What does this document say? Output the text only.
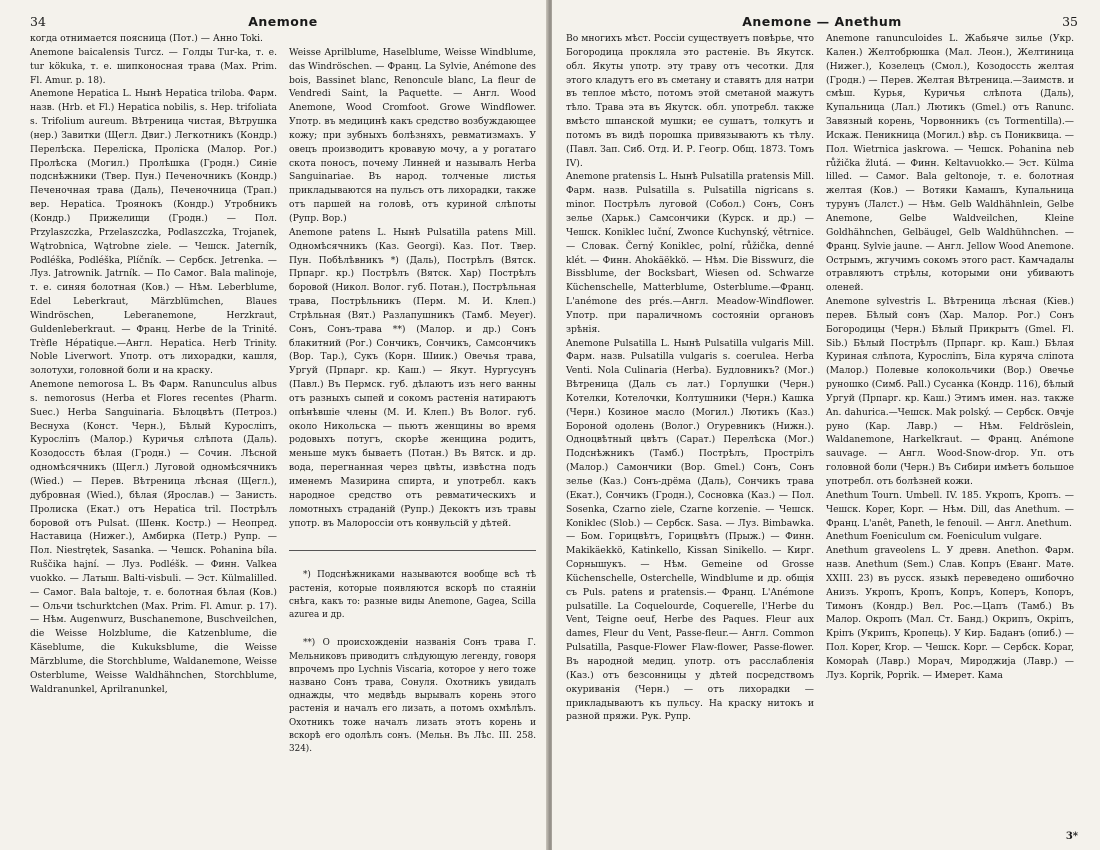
34	Anemone
когда отнимается поясница (Пот.) — Анно Toki.
Anemone baicalensis Turcz. — Голды Tur-ka, т. е. tur kökuka, т. е. шипконосная трава (Max. Prim. Fl. Amur. p. 18).
Anemone Hepatica L. Нынѣ Hepatica triloba. Фарм. назв. (Hrb. et Fl.) Hepatica nobilis, s. Hep. trifoliata s. Trifolium aureum. Вѣтреница чистая, Вѣтрушка (нер.) Завитки (Щегл. Двиг.) Легкотникъ (Кондр.) Перелѣска. Переліска, Проліска (Малор. Рог.) Пролѣска (Могил.) Пролѣшка (Гродн.) Синіе подснѣжники (Твер. Пун.) Печеночникъ (Кондр.) Печеночная трава (Даль), Печеночница (Трап.) вер. Hepatica. Троянокъ (Кондр.) Утробникъ (Кондр.) Прижелищи (Гродн.) — Пол. Przylaszczka, Przelaszczka, Podlaszczka, Trojanek, Wątrobnica, Wątrobne ziele. — Чешск. Jaterník, Podléška, Podléška, Plíčník. — Сербск. Jetrenka. — Луз. Jatrownik. Jatrník. — По Самог. Bala malinoje, т. е. синяя болотная (Ков.) — Нѣм. Leberblume, Edel Leberkraut, Märzblümchen, Blaues Windröschen, Leberanemone, Herzkraut, Guldenleberkraut. — Франц. Herbe de la Trinité. Trèfle Hépatique.—Англ. Hepatica. Herb Trinity. Noble Liverwort. Употр. отъ лихорадки, кашля, золотухи, головной боли и на краску.
Anemone nemorosa L. Въ Фарм. Ranunculus albus s. nemorosus (Herba et Flores recentes (Pharm. Suec.) Herba Sanguinaria. Бѣлоцвѣтъ (Петроз.) Веснуха (Конст. Черн.), Бѣлый Куросліпъ, Куросліпъ (Малор.) Куричья слѣпота (Даль). Козодоссть бѣлая (Гродн.) — Сочин. Лѣсной одномѣсячникъ (Щегл.) Луговой одномѣсячникъ (Wied.) — Перев. Вѣтреница лѣсная (Щегл.), дубровная (Wied.), бѣлая (Ярослав.) — Занисть. Пролиска (Екат.) отъ Hepatica tril. Пострѣлъ боровой отъ Pulsat. (Шенк. Костр.) — Неопред. Наставица (Нижег.), Амбирка (Петр.) Рупр. — Пол. Niestrętek, Sasanka. — Чешск. Pohanina bíla. Ruščika hajní. — Луз. Podléšk. — Финн. Valkea vuokko. — Латыш. Balti-visbuli. — Эст. Külmalilled. — Самог. Bala baltoje, т. е. болотная бѣлая (Ков.) — Ольчи tschurktchen (Max. Prim. Fl. Amur. p. 17). — Нѣм. Augenwurz, Buschanemone, Buschveilchen, die Weisse Holzblume, die Katzenblume, die Käseblume, die Kukuksblume, die Weisse Märzblume, die Storchblume, Waldanemone, Weisse Osterblume, Weisse Waldhähnchen, Storchblume, Waldranunkel, Aprilranunkel,

Weisse Aprilblume, Haselblume, Weisse Windblume, das Windröschen. — Франц. La Sylvie, Anémone des bois, Bassinet blanc, Renoncule blanc, La fleur de Vendredi Saint, la Paquette. — Англ. Wood Anemone, Wood Cromfoot. Growe Windflower. Употр. въ медицинѣ какъ средство возбуждающее кожу; при зубныхъ болѣзняхъ, ревматизмахъ. У овецъ производитъ кровавую мочу, а у рогатаго скота поносъ, почему Линней и называлъ Herba Sanguinariae. Въ народ. толченые листья прикладываются на пульсъ отъ лихорадки, также отъ паршей на головѣ, отъ куриной слѣпоты (Рупр. Вор.)
Anemone patens L. Нынѣ Pulsatilla patens Mill. Одномѣсячникъ (Каз. Georgi). Каз. Пот. Твер. Пун. Побѣлѣвникъ *) (Даль), Пострѣлъ (Вятск. Прпарг. кр.) Пострѣлъ (Вятск. Хар) Пострѣлъ боровой (Никол. Волог. губ. Потан.), Пострѣльная трава, Пострѣльникъ (Перм. М. И. Клеп.) Стрѣльная (Вят.) Разлапушникъ (Тамб. Meyer). Сонъ, Сонъ-трава **) (Малор. и др.) Сонъ блакитний (Рог.) Сончикъ, Сончикъ, Самсончикъ (Вор. Тар.), Сукъ (Корн. Шиик.) Овечья трава, Ургуй (Прпарг. кр. Каш.) — Якут. Нургусунъ (Павл.) Въ Пермск. губ. дѣлаютъ изъ него ванны отъ разныхъ сыпей и сокомъ растенія натираютъ опѣнѣвшіе члены (М. И. Клеп.) Въ Волог. губ. около Никольска — пьютъ женщины во время родовыхъ потугъ, скорѣе женщина родитъ, меньше мукъ бываетъ (Потан.) Въ Вятск. и др. вода, перегнанная через цвѣты, извѣстна подъ именемъ Мазирина спирта, и употребл. какъ народное средство отъ ревматическихъ и ломотныхъ страданій (Рупр.) Декоктъ изъ травы употр. въ Малороссіи отъ конвульсій у дѣтей.

*) Подснѣжниками называются вообще всѣ тѣ растенія, которые появляются вскорѣ по стаяніи снѣга, какъ то: разные виды Anemone, Gagea, Scilla azurea и др.

**) О происхожденіи названія Сонъ трава Г. Мельниковъ приводитъ слѣдующую легенду, говоря впрочемъ про Lychnis Viscaria, которое у него тоже названо Сонъ трава, Сонуля. Охотникъ увидалъ однажды, что медвѣдь вырывалъ корень этого растенія и началъ его лизать, а потомъ охмѣлѣлъ. Охотникъ тоже началъ лизать этотъ корень и вскорѣ его одолѣлъ сонъ. (Мельн. Въ Лѣс. III. 258. 324).

Anemone — Anethum	35
Во многихъ мѣст. Россіи существуетъ повѣрье, что Богородица прокляла это растеніе. Въ Якутск. обл. Якуты употр. эту траву отъ чесотки. Для этого кладутъ его въ сметану и ставятъ для натри въ теплое мѣсто, потомъ этой сметаной мажутъ тѣло. Трава эта въ Якутск. обл. употребл. также вмѣсто шпанской мушки; ее сушатъ, толкутъ и потомъ въ видѣ порошка привязываютъ къ тѣлу. (Павл. Зап. Сиб. Отд. И. Р. Геогр. Общ. 1873. Томъ IV).
Anemone pratensis L. Нынѣ Pulsatilla pratensis Mill. Фарм. назв. Pulsatilla s. Pulsatilla nigricans s. minor. Пострѣлъ луговой (Собол.) Сонъ, Сонъ зелье (Харьк.) Самсончики (Курск. и др.) — Чешск. Koniklec luční, Zwonce Kuchynský, větrnice. — Словак. Černý Koniklec, polní, růžička, denné klét. — Финн. Ahokäëkkö. — Нѣм. Die Bisswurz, die Bissblume, der Bocksbart, Wiesen od. Schwarze Küchenschelle, Matterblume, Osterblume.—Франц. L'anémone des prés.—Англ. Meadow-Windflower. Употр. при параличномъ состояніи органовъ зрѣнія.
Anemone Pulsatilla L. Нынѣ Pulsatilla vulgaris Mill. Фарм. назв. Pulsatilla vulgaris s. coerulea. Herba Venti. Nola Culinaria (Herba). Будловникъ? (Мог.) Вѣтреница (Даль съ лат.) Горлушки (Черн.) Котелки, Котелочки, Колтушники (Черн.) Кашка (Черн.) Козиное масло (Могил.) Лютикъ (Каз.) Бороной одолень (Волог.) Огуревникъ (Нижн.). Одноцвѣтный цвѣтъ (Сарат.) Перелѣска (Мог.) Подснѣжникъ (Тамб.) Пострѣлъ, Прострілъ (Малор.) Самончики (Вор. Gmel.) Сонъ, Сонъ зелье (Каз.) Сонъ-дрёма (Даль), Сончикъ трава (Екат.), Сончикъ (Гродн.), Сосновка (Каз.) — Пол. Sosenka, Czarno ziele, Czarne korzenie. — Чешск. Koniklec (Slob.) — Сербск. Sasa. — Луз. Bimbawka. — Бом. Горицвѣтъ, Горицвѣтъ (Прыж.) — Финн. Makikäekkö, Katinkello, Kissan Sinikello. — Кирг. Сорнышукъ. — Нѣм. Gemeine od Grosse Küchenschelle, Osterchelle, Windblume и др. общія съ Puls. patens и pratensis.— Франц. L'Anémone pulsatille. La Coquelourde, Coquerelle, l'Herbe du Vent, Teigne oeuf, Herbe des Paques. Fleur aux dames, Fleur du Vent, Passe-fleur.— Англ. Common Pulsatilla, Pasque-Flower Flaw-flower, Passe-flower. Въ народной медиц. употр. отъ расслабленія (Каз.) отъ безсонницы у дѣтей посредствомъ окуриванія (Черн.) — отъ лихорадки — прикладываютъ къ пульсу. На краску нитокъ и разной пряжи. Рук. Рупр.
Anemone ranunculoides L. Жабьяче зилье (Укр. Кален.) Желтобрюшка (Мал. Леон.), Желтиница (Нижег.), Козелецъ (Смол.), Козодоссть желтая (Гродн.) — Перев. Желтая Вѣтреница.—Заимств. и смѣш. Курья, Куричья слѣпота (Даль), Купальница (Лал.) Лютикъ (Gmel.) отъ Ranunc. Завязный корень, Чорвонникъ (съ Tormentilla).— Искаж. Пеникница (Могил.) вѣр. съ Пониквица. — Пол. Wietrnica jaskrowa. — Чешск. Pohanina neb růžička žlutá. — Финн. Keltavuokko.— Эст. Külma lilled. — Самог. Bala geltonoje, т. е. болотная желтая (Ков.) — Вотяки Камашъ, Купальница турунъ (Лалст.) — Нѣм. Gelb Waldhähnlein, Gelbe Anemone, Gelbe Waldveilchen, Kleine Goldhähnchen, Gelbäugel, Gelb Waldhühnchen. — Франц. Sylvie jaune. — Англ. Jellow Wood Anemone. Острымъ, жгучимъ сокомъ этого раст. Камчадалы отравляютъ стрѣлы, которыми они убиваютъ оленей.
Anemone sylvestris L. Вѣтреница лѣсная (Кіев.) перев. Бѣлый сонъ (Хар. Малор. Рог.) Сонъ Богородицы (Черн.) Бѣлый Прикрытъ (Gmel. Fl. Sib.) Бѣлый Пострѣлъ (Прпарг. кр. Каш.) Бѣлая Куриная слѣпота, Куросліпъ, Біла куряча сліпота (Малор.) Полевые колокольчики (Вор.) Овечье руношко (Симб. Pall.) Сусанка (Кондр. 116), бѣлый Ургуй (Прпарг. кр. Каш.) Этимъ имен. наз. также An. dahurica.—Чешск. Mak polský. — Сербск. Овчје руно (Кар. Лавр.) — Нѣм. Feldröslein, Waldanemone, Harkelkraut. — Франц. Anémone sauvage. — Англ. Wood-Snow-drop. Уп. отъ головной боли (Черн.) Въ Сибири имѣетъ большое употребл. отъ болѣзней кожи.
Anethum Tourn. Umbell. IV. 185. Укропъ, Кропъ. — Чешск. Koper, Kopr. — Нѣм. Dill, das Anethum. — Франц. L'anêt, Paneth, le fenouil. — Англ. Anethum.
Anethum Foeniculum см. Foeniculum vulgare.
Anethum graveolens L. У древн. Anethon. Фарм. назв. Anethum (Sem.) Слав. Копръ (Еванг. Матѳ. XXIII. 23) въ русск. языкѣ переведено ошибочно Анизъ. Укропъ, Кропъ, Копръ, Коперъ, Копоръ, Тимонъ (Кондр.) Вел. Рос.—Цапъ (Тамб.) Въ Малор. Окропъ (Мал. Ст. Банд.) Окрипъ, Окріпъ, Кріпъ (Укрипъ, Кропець). У Кир. Баданъ (опиб.) — Пол. Koper, Krop. — Чешск. Kopr. — Сербск. Kopar, Комораћ (Лавр.) Морач, Мироджија (Лавр.) — Луз. Koprik, Poprik. — Имерет. Кама
3*
